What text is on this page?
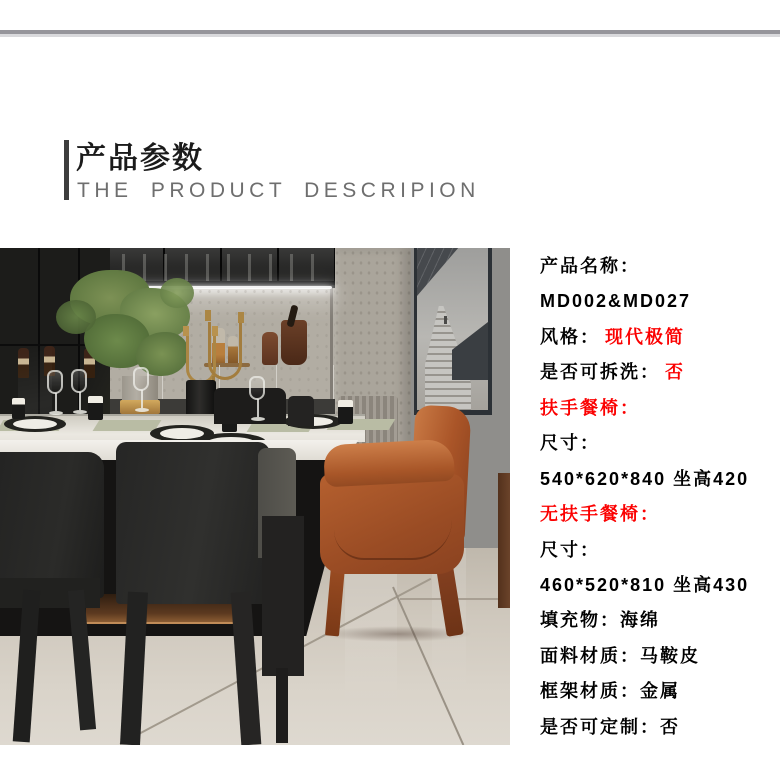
产品参数
THE PRODUCT DESCRIPION
产品名称：
MD002&MD027
风格： 现代极简
是否可拆洗： 否
扶手餐椅：
尺寸：
540*620*840 坐高420
无扶手餐椅：
尺寸：
460*520*810 坐高430
填充物：海绵
面料材质：马鞍皮
框架材质：金属
是否可定制：否
